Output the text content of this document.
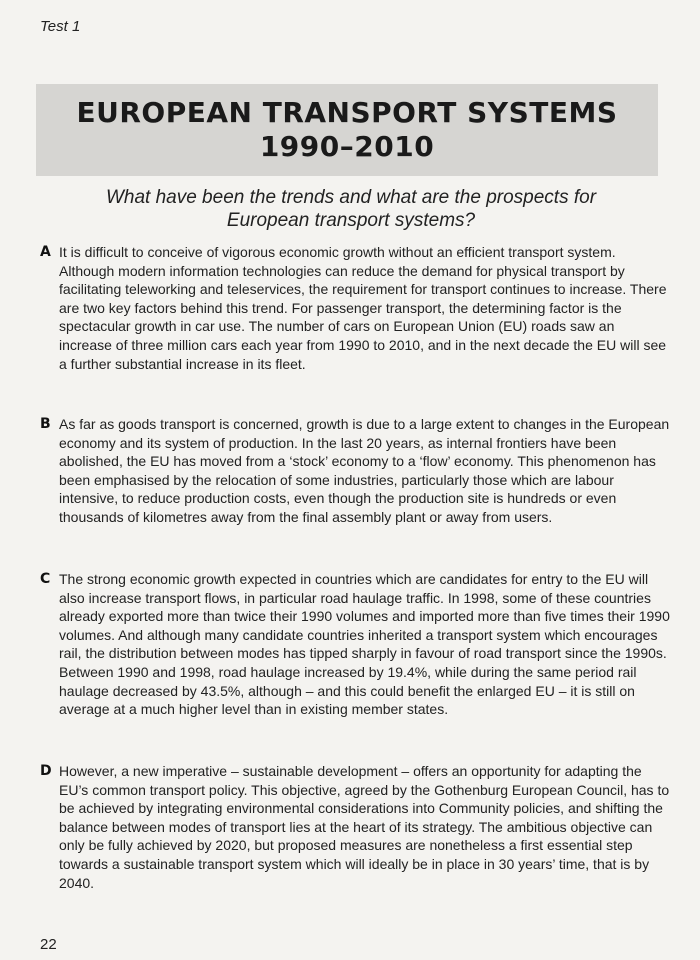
Test 1
EUROPEAN TRANSPORT SYSTEMS
1990–2010
What have been the trends and what are the prospects for
European transport systems?
A It is difficult to conceive of vigorous economic growth without an efficient transport system. Although modern information technologies can reduce the demand for physical transport by facilitating teleworking and teleservices, the requirement for transport continues to increase. There are two key factors behind this trend. For passenger transport, the determining factor is the spectacular growth in car use. The number of cars on European Union (EU) roads saw an increase of three million cars each year from 1990 to 2010, and in the next decade the EU will see a further substantial increase in its fleet.
B As far as goods transport is concerned, growth is due to a large extent to changes in the European economy and its system of production. In the last 20 years, as internal frontiers have been abolished, the EU has moved from a ‘stock’ economy to a ‘flow’ economy. This phenomenon has been emphasised by the relocation of some industries, particularly those which are labour intensive, to reduce production costs, even though the production site is hundreds or even thousands of kilometres away from the final assembly plant or away from users.
C The strong economic growth expected in countries which are candidates for entry to the EU will also increase transport flows, in particular road haulage traffic. In 1998, some of these countries already exported more than twice their 1990 volumes and imported more than five times their 1990 volumes. And although many candidate countries inherited a transport system which encourages rail, the distribution between modes has tipped sharply in favour of road transport since the 1990s. Between 1990 and 1998, road haulage increased by 19.4%, while during the same period rail haulage decreased by 43.5%, although – and this could benefit the enlarged EU – it is still on average at a much higher level than in existing member states.
D However, a new imperative – sustainable development – offers an opportunity for adapting the EU’s common transport policy. This objective, agreed by the Gothenburg European Council, has to be achieved by integrating environmental considerations into Community policies, and shifting the balance between modes of transport lies at the heart of its strategy. The ambitious objective can only be fully achieved by 2020, but proposed measures are nonetheless a first essential step towards a sustainable transport system which will ideally be in place in 30 years’ time, that is by 2040.
22
